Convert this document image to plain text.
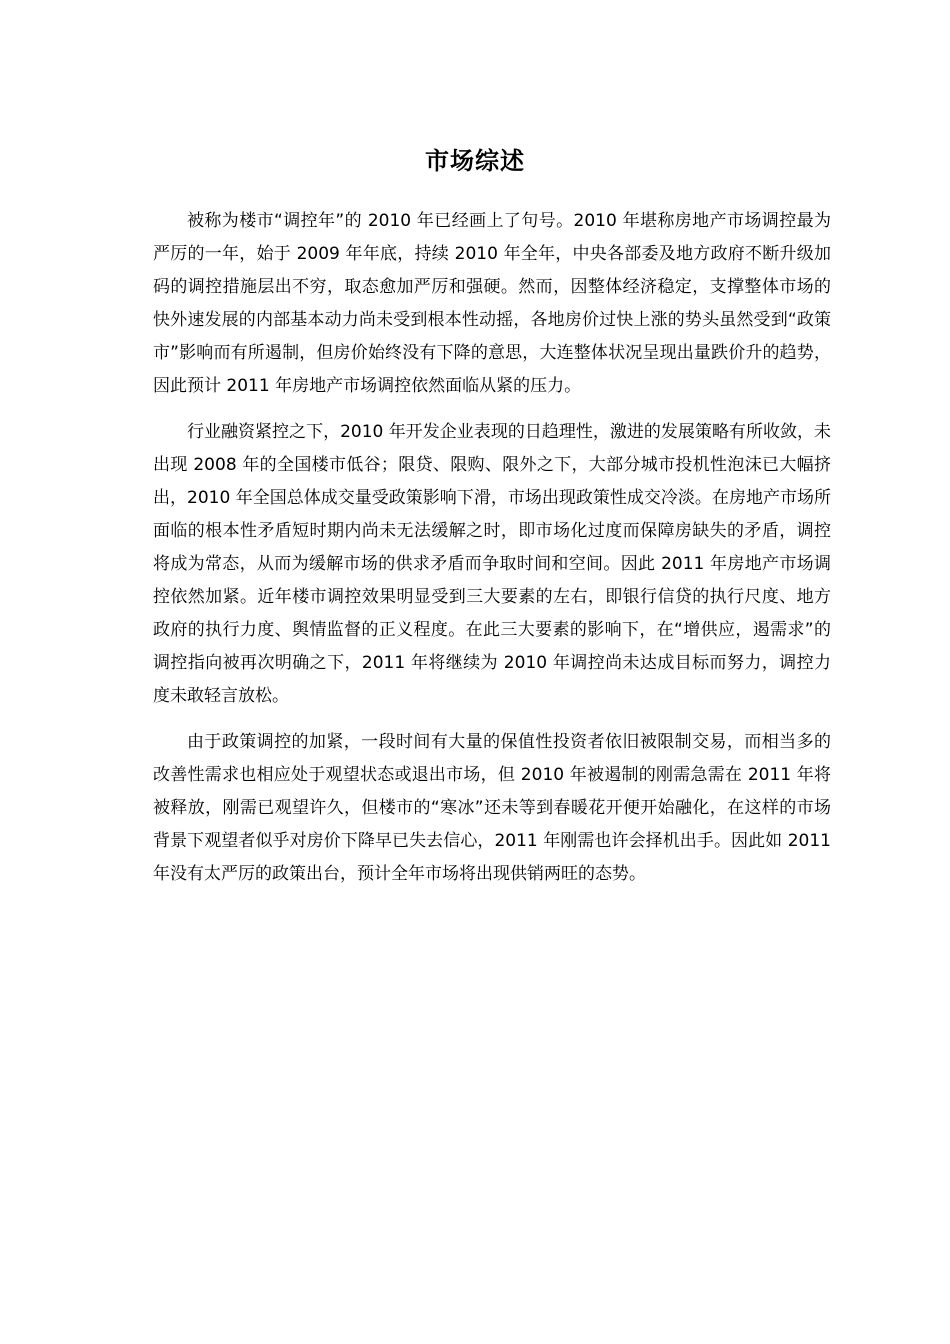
市场综述

被称为楼市“调控年”的 2010 年已经画上了句号。2010 年堪称房地产市场调控最为严厉的一年，始于 2009 年年底，持续 2010 年全年，中央各部委及地方政府不断升级加码的调控措施层出不穷，取态愈加严厉和强硬。然而，因整体经济稳定，支撑整体市场的快外速发展的内部基本动力尚未受到根本性动摇，各地房价过快上涨的势头虽然受到“政策市”影响而有所遏制，但房价始终没有下降的意思，大连整体状况呈现出量跌价升的趋势，因此预计 2011 年房地产市场调控依然面临从紧的压力。

行业融资紧控之下，2010 年开发企业表现的日趋理性，激进的发展策略有所收敛，未出现 2008 年的全国楼市低谷；限贷、限购、限外之下，大部分城市投机性泡沫已大幅挤出，2010 年全国总体成交量受政策影响下滑，市场出现政策性成交冷淡。在房地产市场所面临的根本性矛盾短时期内尚未无法缓解之时，即市场化过度而保障房缺失的矛盾，调控将成为常态，从而为缓解市场的供求矛盾而争取时间和空间。因此 2011 年房地产市场调控依然加紧。近年楼市调控效果明显受到三大要素的左右，即银行信贷的执行尺度、地方政府的执行力度、舆情监督的正义程度。在此三大要素的影响下，在“增供应，遏需求”的调控指向被再次明确之下，2011 年将继续为 2010 年调控尚未达成目标而努力，调控力度未敢轻言放松。

由于政策调控的加紧，一段时间有大量的保值性投资者依旧被限制交易，而相当多的改善性需求也相应处于观望状态或退出市场，但 2010 年被遏制的刚需急需在 2011 年将被释放，刚需已观望许久，但楼市的“寒冰”还未等到春暖花开便开始融化，在这样的市场背景下观望者似乎对房价下降早已失去信心，2011 年刚需也许会择机出手。因此如 2011 年没有太严厉的政策出台，预计全年市场将出现供销两旺的态势。
